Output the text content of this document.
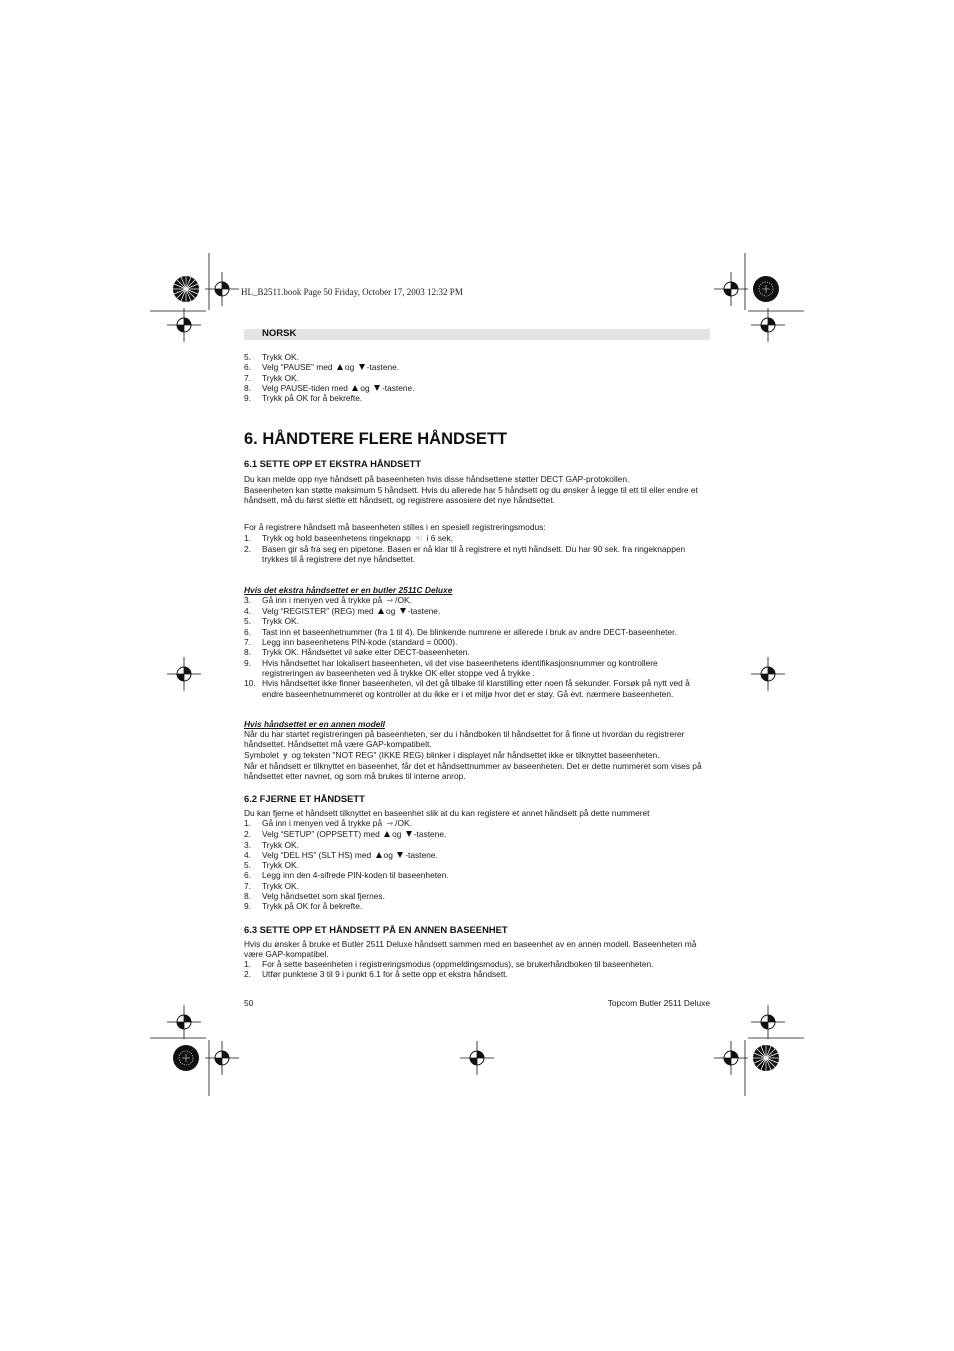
HL_B2511.book Page 50 Friday, October 17, 2003 12:32 PM
NORSK
5.	Trykk OK.
6.	Velg “PAUSE” med og -tastene.
7.	Trykk OK.
8.	Velg PAUSE-tiden med og -tastene.
9.	Trykk på OK for å bekrefte.
6. HÅNDTERE FLERE HÅNDSETT
6.1 SETTE OPP ET EKSTRA HÅNDSETT

Du kan melde opp nye håndsett på baseenheten hvis disse håndsettene støtter DECT GAP-protokollen.

Baseenheten kan støtte maksimum 5 håndsett. Hvis du allerede har 5 håndsett og du ønsker å legge til ett til eller endre et håndsett, må du først slette ett håndsett, og registrere assosiere det nye håndsettet.

For å registrere håndsett må baseenheten stilles i en spesiell registreringsmodus:

1.	Trykk og hold baseenhetens ringeknapp ☜ i 6 sek.
2.	Basen gir så fra seg en pipetone. Basen er nå klar til å registrere et nytt håndsett. Du har 90 sek. fra ringeknappen trykkes til å registrere det nye håndsettet.
Hvis det ekstra håndsettet er en butler 2511C Deluxe
3.	Gå inn i menyen ved å trykke på ⇾ /OK.
4.	Velg “REGISTER” (REG) med og -tastene.
5.	Trykk OK.
6.	Tast inn et baseenhetnummer (fra 1 til 4). De blinkende numrene er allerede i bruk av andre DECT-baseenheter.
7.	Legg inn baseenhetens PIN-kode (standard = 0000).
8.	Trykk OK. Håndsettet vil søke etter DECT-baseenheten.
9.	Hvis håndsettet har lokalisert baseenheten, vil det vise baseenhetens identifikasjonsnummer og kontrollere registreringen av baseenheten ved å trykke OK eller stoppe ved å trykke .
10. Hvis håndsettet ikke finner baseenheten, vil det gå tilbake til klarstilling etter noen få sekunder. Forsøk på nytt ved å endre baseenhetnummeret og kontroller at du ikke er i et miljø hvor det er støy. Gå evt. nærmere baseenheten.
Hvis håndsettet er en annen modell

Når du har startet registreringen på baseenheten, ser du i håndboken til håndsettet for å finne ut hvordan du registrerer håndsettet. Håndsettet må være GAP-kompatibelt.

Symbolet ɏ og teksten "NOT REG" (IKKE REG) blinker i displayet når håndsettet ikke er tilknyttet baseenheten.

Når et håndsett er tilknyttet en baseenhet, får det et håndsettnummer av baseenheten. Det er dette nummeret som vises på håndsettet etter navnet, og som må brukes til interne anrop.

6.2 FJERNE ET HÅNDSETT

Du kan fjerne et håndsett tilknyttet en baseenhet slik at du kan registere et annet håndsett på dette nummeret

1.	Gå inn i menyen ved å trykke på ⇾ /OK.
2.	Velg “SETUP” (OPPSETT) med og -tastene.
3.	Trykk OK.
4.	Velg “DEL HS” (SLT HS) med og -tastene.
5.	Trykk OK.
6.	Legg inn den 4-sifrede PIN-koden til baseenheten.
7.	Trykk OK.
8.	Velg håndsettet som skal fjernes.
9.	Trykk på OK for å bekrefte.
6.3 SETTE OPP ET HÅNDSETT PÅ EN ANNEN BASEENHET

Hvis du ønsker å bruke et Butler 2511 Deluxe håndsett sammen med en baseenhet av en annen modell. Baseenheten må være GAP-kompatibel.

1.	For å sette baseenheten i registreringsmodus (oppmeldingsmodus), se brukerhåndboken til baseenheten.
2.	Utfør punktene 3 til 9 i punkt 6.1 for å sette opp et ekstra håndsett.
50	Topcom Butler 2511 Deluxe
